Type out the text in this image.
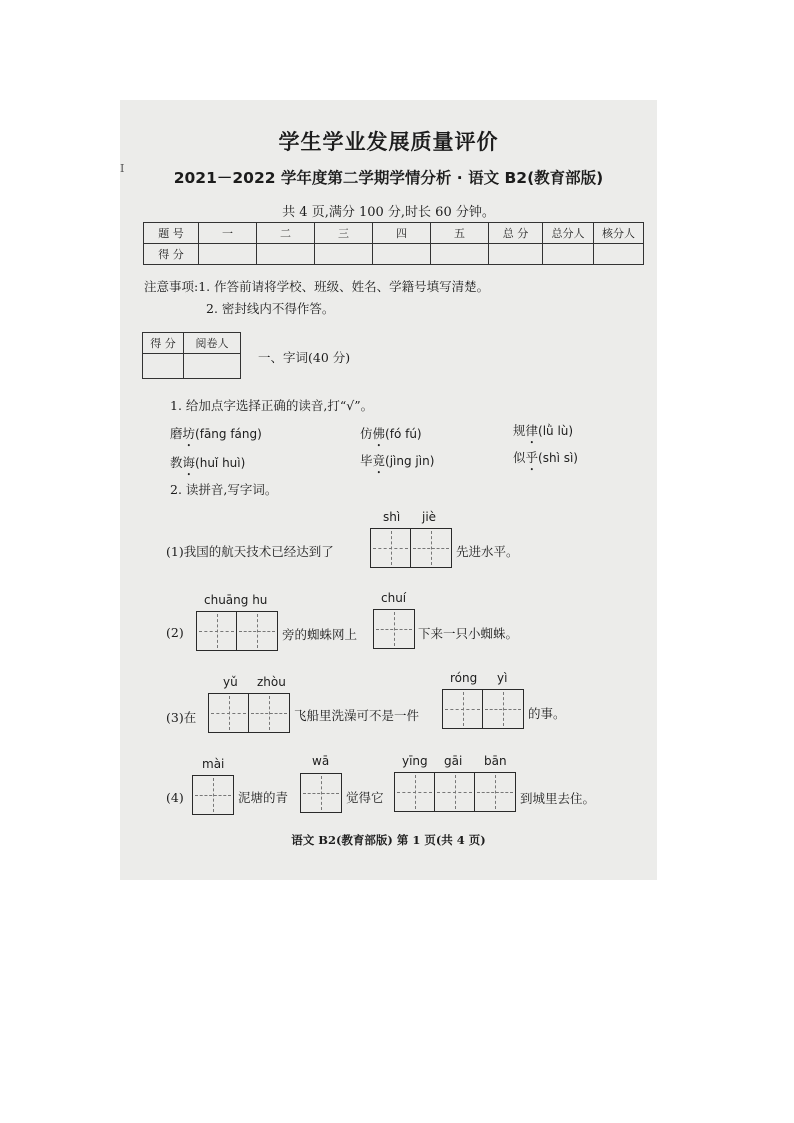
I
学生学业发展质量评价
2021－2022 学年度第二学期学情分析 · 语文 B2(教育部版)
共 4 页,满分 100 分,时长 60 分钟。
题 号	一	二	三	四	五	总 分	总分人	核分人
得 分								
注意事项:1. 作答前请将学校、班级、姓名、学籍号填写清楚。
2. 密封线内不得作答。
得 分	阅卷人

一、字词(40 分)
1. 给加点字选择正确的读音,打“√”。
磨坊(fāng fáng)	仿佛(fó fú)	规律(lǜ lù)
教诲(huǐ huì)	毕竟(jìng jìn)	似乎(shì sì)
2. 读拼音,写字词。
shì jiè
(1)我国的航天技术已经达到了	先进水平。
chuāng hu	chuí
(2)	旁的蜘蛛网上	下来一只小蜘蛛。
yǔ zhòu
(3)在	飞船里洗澡可不是一件
róng yì
的事。
mài
(4)	泥塘的青
wā
觉得它
yīng gāi bān
到城里去住。
语文 B2(教育部版) 第 1 页(共 4 页)
